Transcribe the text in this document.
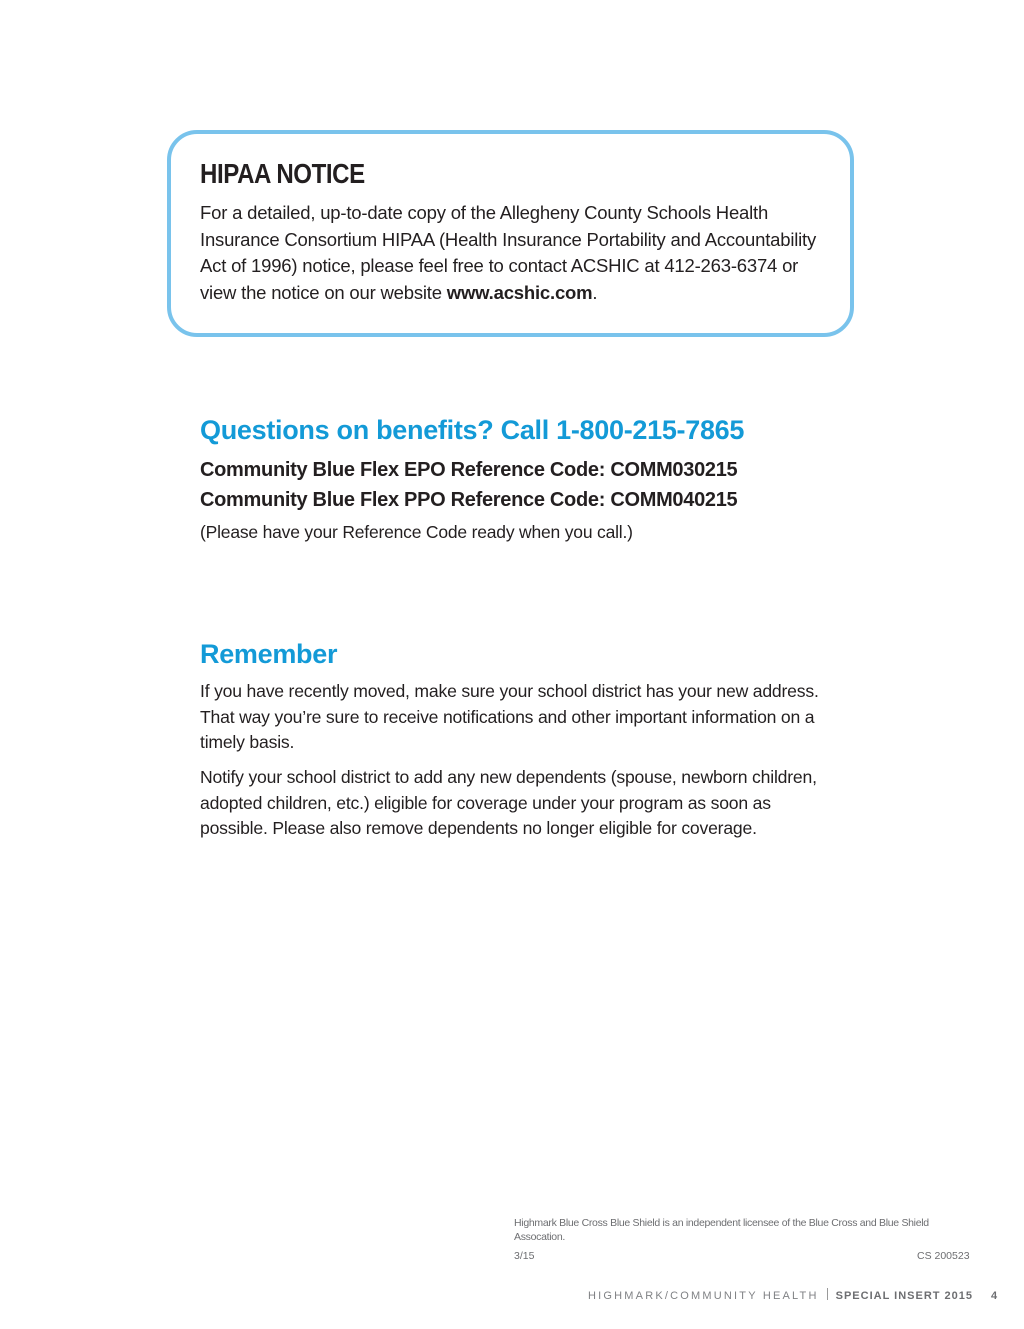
HIPAA NOTICE

For a detailed, up-to-date copy of the Allegheny County Schools Health Insurance Consortium HIPAA (Health Insurance Portability and Accountability Act of 1996) notice, please feel free to contact ACSHIC at 412-263-6374 or view the notice on our website www.acshic.com.

Questions on benefits? Call 1-800-215-7865

Community Blue Flex EPO Reference Code: COMM030215

Community Blue Flex PPO Reference Code: COMM040215

(Please have your Reference Code ready when you call.)

Remember

If you have recently moved, make sure your school district has your new address. That way you’re sure to receive notifications and other important information on a timely basis.

Notify your school district to add any new dependents (spouse, newborn children, adopted children, etc.) eligible for coverage under your program as soon as possible. Please also remove dependents no longer eligible for coverage.

Highmark Blue Cross Blue Shield is an independent licensee of the Blue Cross and Blue Shield Assocation.

3/15	CS 200523

HIGHMARK/COMMUNITY HEALTH SPECIAL INSERT 2015 4
